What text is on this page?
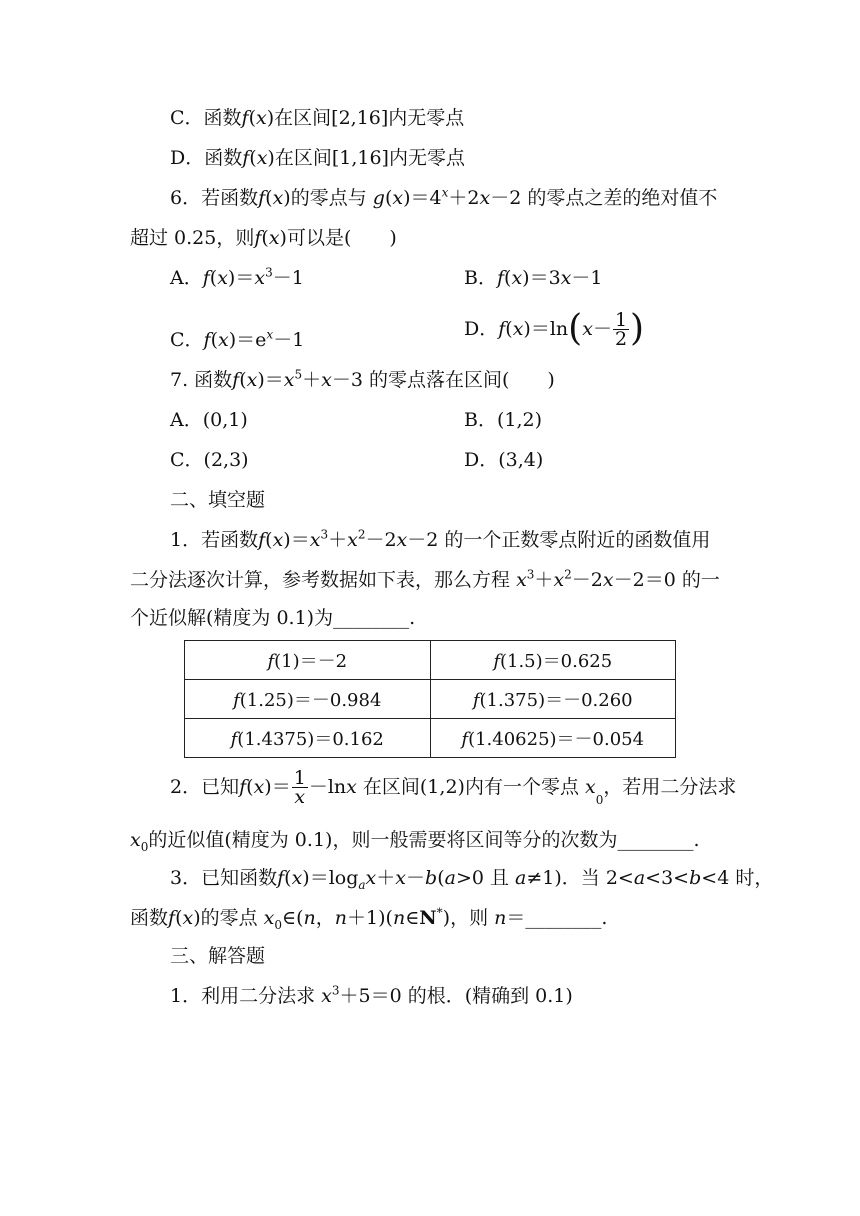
C．函数f(x)在区间[2,16]内无零点
D．函数f(x)在区间[1,16]内无零点
6．若函数f(x)的零点与 $g(x)=4^x+2x-2$ 的零点之差的绝对值不
超过 0.25，则f(x)可以是(　　)
A．$f(x)=x^3-1$	B．f(x)＝3x－1
C．$f(x)=e^x-1$	D．$f(x)=\ln(x- \frac{1}{2}$ )
7. 函数$f(x)=x^5+x-3$ 的零点落在区间(　　)
A．(0,1)	B．(1,2)
C．(2,3)	D．(3,4)
二、填空题
1．若函数$f(x)=x^3+x^2-2x-2$ 的一个正数零点附近的函数值用
二分法逐次计算，参考数据如下表，那么方程 $x^3+x^2-2x-2=0$ 的一
个近似解(精度为 0.1)为________.
f(1)＝－2	f(1.5)＝0.625
f(1.25)＝－0.984	f(1.375)＝－0.260
f(1.4375)＝0.162	f(1.40625)＝－0.054
2．已知$f(x)= \frac{1}{x} -\ln x$ 在区间(1,2)内有一个零点 $x_0$，若用二分法求
$x_0$的近似值(精度为 0.1)，则一般需要将区间等分的次数为________.
3．已知函数$f(x)=\log_ax+x-b(a>0$ 且 a≠1)．当 2<a<3<b<4 时，
函数f(x)的零点 $x_0\in(n$，n＋1)(n∈N*)，则 n＝________.
三、解答题
1．利用二分法求 $x^3+5=0$ 的根．(精确到 0.1)
